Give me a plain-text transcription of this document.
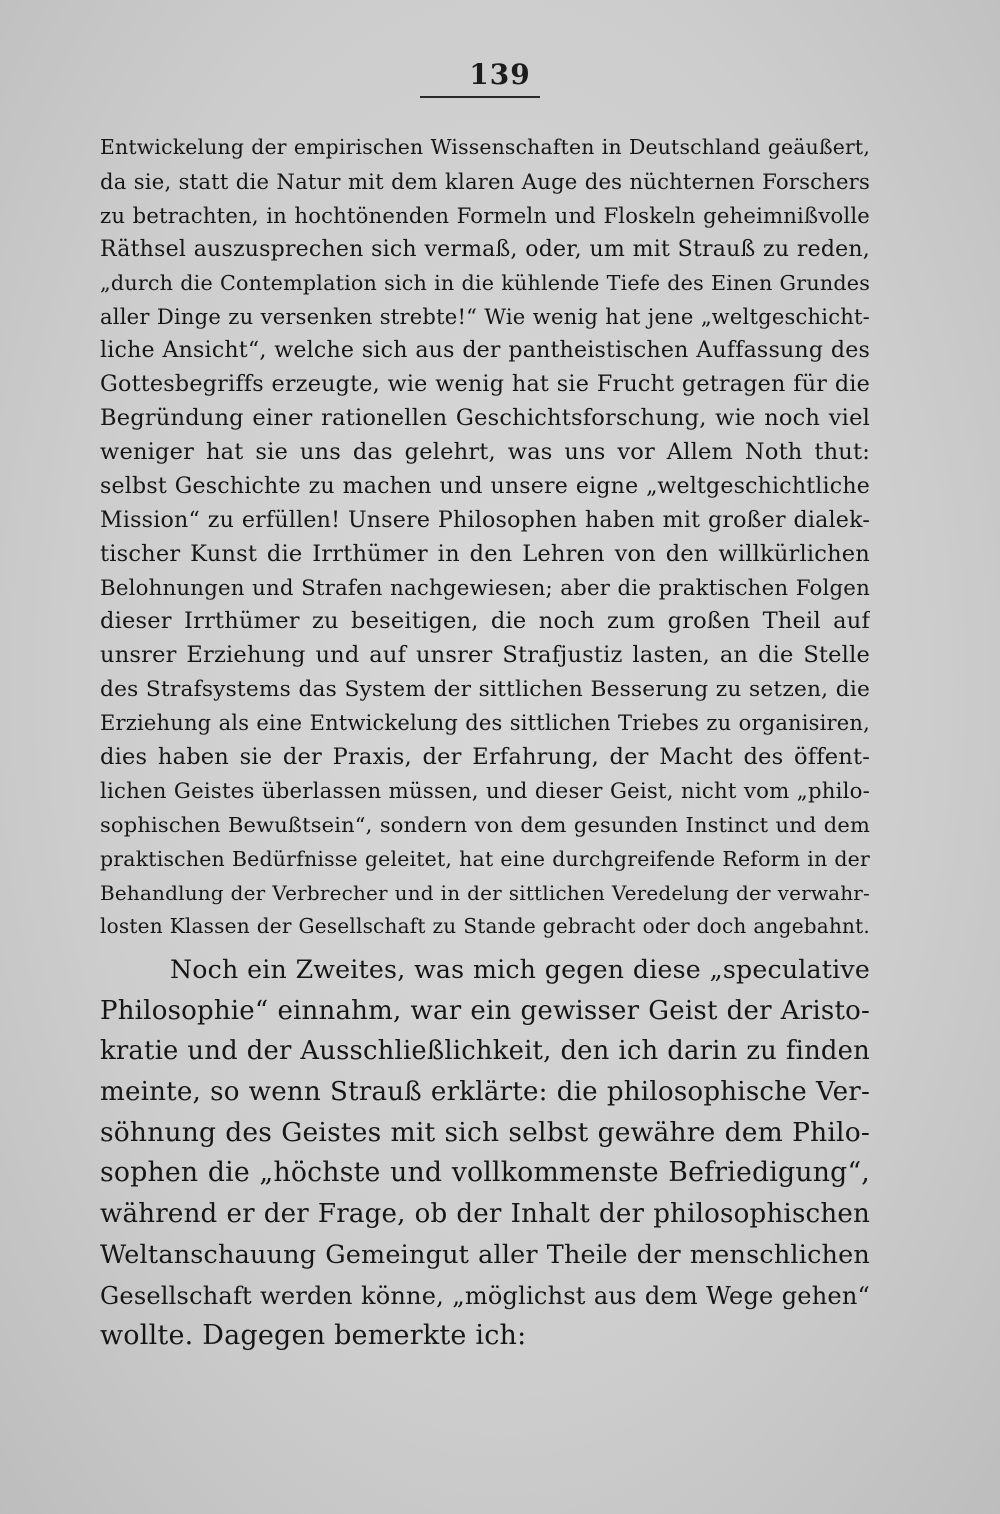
139
Entwickelung der empirischen Wissenschaften in Deutschland geäußert,
da sie, statt die Natur mit dem klaren Auge des nüchternen Forschers
zu betrachten, in hochtönenden Formeln und Floskeln geheimnißvolle
Räthsel auszusprechen sich vermaß, oder, um mit Strauß zu reden,
„durch die Contemplation sich in die kühlende Tiefe des Einen Grundes
aller Dinge zu versenken strebte!“ Wie wenig hat jene „weltgeschicht-
liche Ansicht“, welche sich aus der pantheistischen Auffassung des
Gottesbegriffs erzeugte, wie wenig hat sie Frucht getragen für die
Begründung einer rationellen Geschichtsforschung, wie noch viel
weniger hat sie uns das gelehrt, was uns vor Allem Noth thut:
selbst Geschichte zu machen und unsere eigne „weltgeschichtliche
Mission“ zu erfüllen! Unsere Philosophen haben mit großer dialek-
tischer Kunst die Irrthümer in den Lehren von den willkürlichen
Belohnungen und Strafen nachgewiesen; aber die praktischen Folgen
dieser Irrthümer zu beseitigen, die noch zum großen Theil auf
unsrer Erziehung und auf unsrer Strafjustiz lasten, an die Stelle
des Strafsystems das System der sittlichen Besserung zu setzen, die
Erziehung als eine Entwickelung des sittlichen Triebes zu organisiren,
dies haben sie der Praxis, der Erfahrung, der Macht des öffent-
lichen Geistes überlassen müssen, und dieser Geist, nicht vom „philo-
sophischen Bewußtsein“, sondern von dem gesunden Instinct und dem
praktischen Bedürfnisse geleitet, hat eine durchgreifende Reform in der
Behandlung der Verbrecher und in der sittlichen Veredelung der verwahr-
losten Klassen der Gesellschaft zu Stande gebracht oder doch angebahnt.
Noch ein Zweites, was mich gegen diese „speculative
Philosophie“ einnahm, war ein gewisser Geist der Aristo-
kratie und der Ausschließlichkeit, den ich darin zu finden
meinte, so wenn Strauß erklärte: die philosophische Ver-
söhnung des Geistes mit sich selbst gewähre dem Philo-
sophen die „höchste und vollkommenste Befriedigung“,
während er der Frage, ob der Inhalt der philosophischen
Weltanschauung Gemeingut aller Theile der menschlichen
Gesellschaft werden könne, „möglichst aus dem Wege gehen“
wollte. Dagegen bemerkte ich:
